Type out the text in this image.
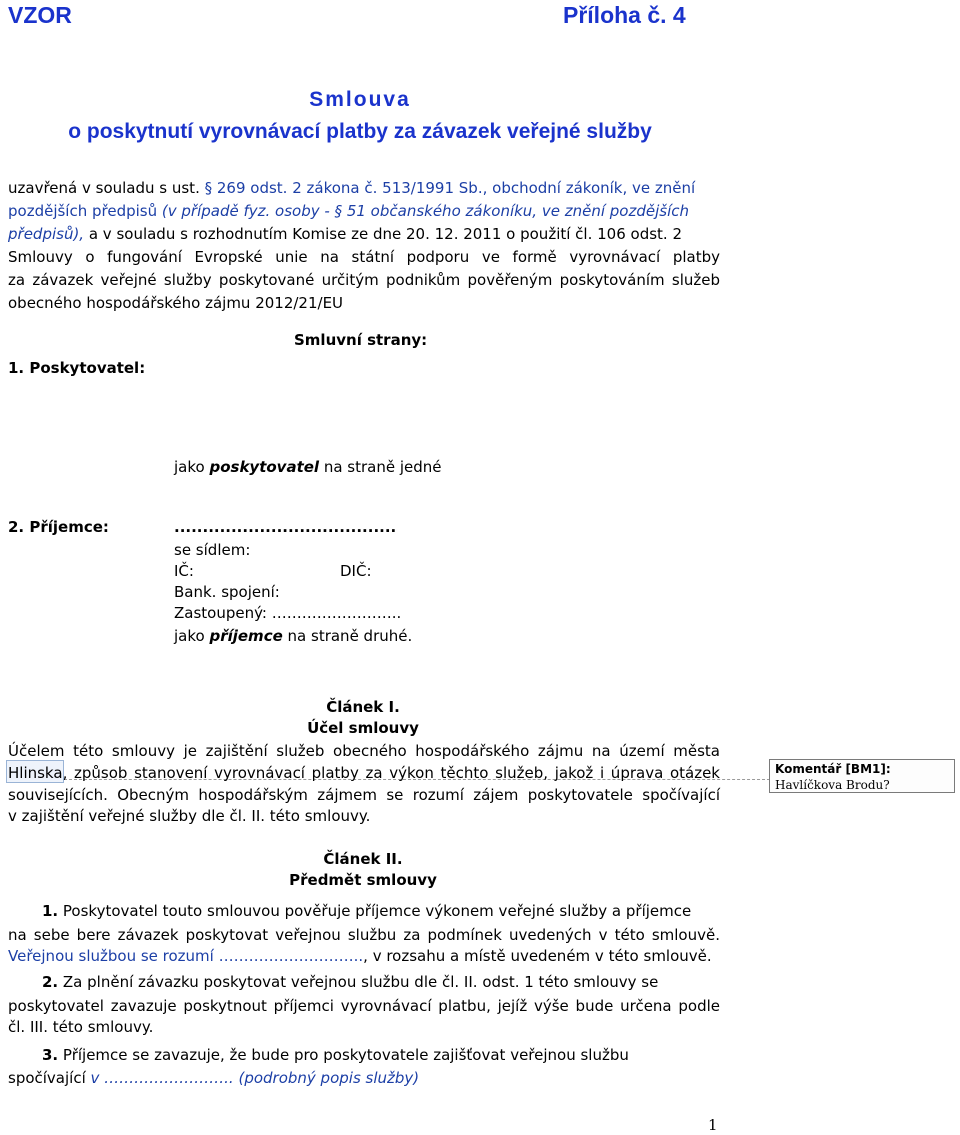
VZOR	Příloha č. 4
Smlouva
o poskytnutí vyrovnávací platby za závazek veřejné služby
uzavřená v souladu s ust. § 269 odst. 2 zákona č. 513/1991 Sb., obchodní zákoník, ve znění
pozdějších předpisů (v případě fyz. osoby - § 51 občanského zákoníku, ve znění pozdějších
předpisů), a v souladu s rozhodnutím Komise ze dne 20. 12. 2011 o použití čl. 106 odst. 2
Smlouvy o fungování Evropské unie na státní podporu ve formě vyrovnávací platby
za závazek veřejné služby poskytované určitým podnikům pověřeným poskytováním služeb
obecného hospodářského zájmu 2012/21/EU
Smluvní strany:
1. Poskytovatel:
jako poskytovatel na straně jedné
2. Příjemce:	.......................................
se sídlem:
IČ:	DIČ:
Bank. spojení:
Zastoupený: ……………………..
jako příjemce na straně druhé.
Článek I.
Účel smlouvy
Účelem této smlouvy je zajištění služeb obecného hospodářského zájmu na území města
Hlinska, způsob stanovení vyrovnávací platby za výkon těchto služeb, jakož i úprava otázek
souvisejících. Obecným hospodářským zájmem se rozumí zájem poskytovatele spočívající
v zajištění veřejné služby dle čl. II. této smlouvy.
Komentář [BM1]: Havlíčkova Brodu?
Článek II.
Předmět smlouvy
1. Poskytovatel touto smlouvou pověřuje příjemce výkonem veřejné služby a příjemce
na sebe bere závazek poskytovat veřejnou službu za podmínek uvedených v této smlouvě.
Veřejnou službou se rozumí ……………………….., v rozsahu a místě uvedeném v této smlouvě.
2. Za plnění závazku poskytovat veřejnou službu dle čl. II. odst. 1 této smlouvy se
poskytovatel zavazuje poskytnout příjemci vyrovnávací platbu, jejíž výše bude určena podle
čl. III. této smlouvy.
3. Příjemce se zavazuje, že bude pro poskytovatele zajišťovat veřejnou službu
spočívající v …………………….. (podrobný popis služby)
1
